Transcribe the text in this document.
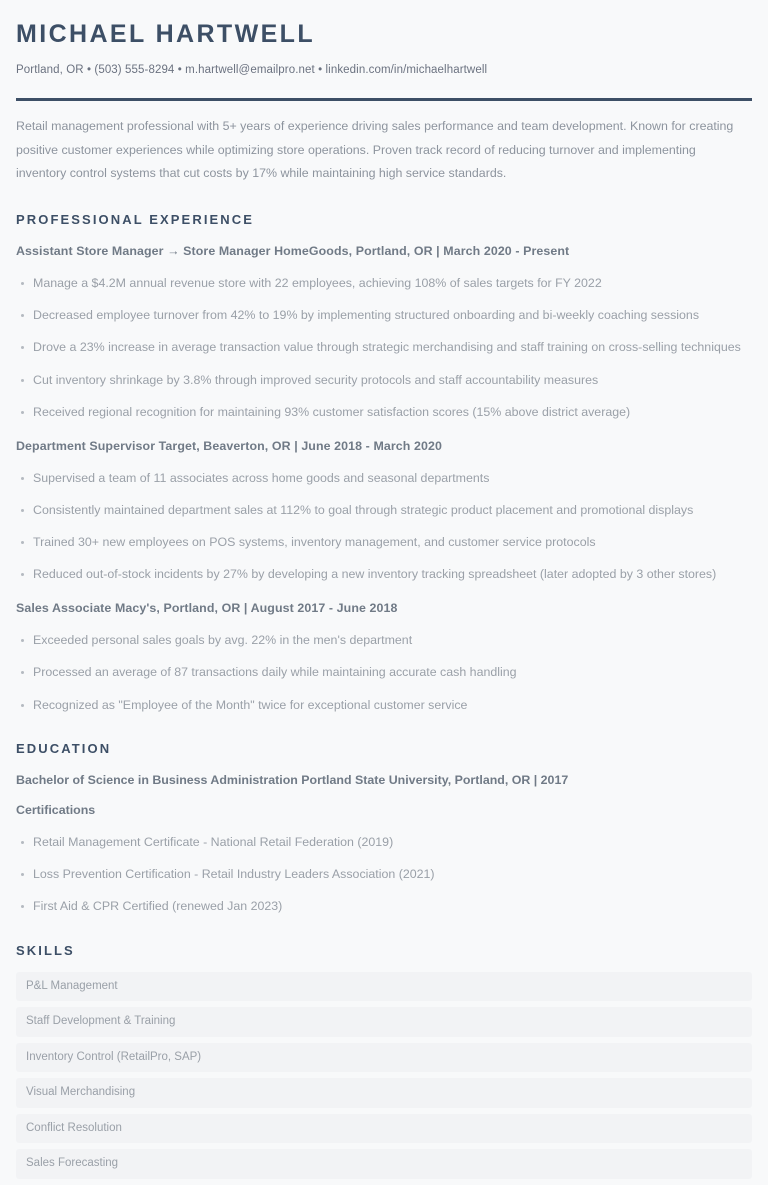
MICHAEL HARTWELL
Portland, OR • (503) 555-8294 • m.hartwell@emailpro.net • linkedin.com/in/michaelhartwell

Retail management professional with 5+ years of experience driving sales performance and team development. Known for creating positive customer experiences while optimizing store operations. Proven track record of reducing turnover and implementing inventory control systems that cut costs by 17% while maintaining high service standards.

PROFESSIONAL EXPERIENCE
Assistant Store Manager → Store Manager HomeGoods, Portland, OR | March 2020 - Present
Manage a $4.2M annual revenue store with 22 employees, achieving 108% of sales targets for FY 2022
Decreased employee turnover from 42% to 19% by implementing structured onboarding and bi-weekly coaching sessions
Drove a 23% increase in average transaction value through strategic merchandising and staff training on cross-selling techniques
Cut inventory shrinkage by 3.8% through improved security protocols and staff accountability measures
Received regional recognition for maintaining 93% customer satisfaction scores (15% above district average)
Department Supervisor Target, Beaverton, OR | June 2018 - March 2020
Supervised a team of 11 associates across home goods and seasonal departments
Consistently maintained department sales at 112% to goal through strategic product placement and promotional displays
Trained 30+ new employees on POS systems, inventory management, and customer service protocols
Reduced out-of-stock incidents by 27% by developing a new inventory tracking spreadsheet (later adopted by 3 other stores)
Sales Associate Macy's, Portland, OR | August 2017 - June 2018
Exceeded personal sales goals by avg. 22% in the men's department
Processed an average of 87 transactions daily while maintaining accurate cash handling
Recognized as "Employee of the Month" twice for exceptional customer service
EDUCATION
Bachelor of Science in Business Administration Portland State University, Portland, OR | 2017
Certifications
Retail Management Certificate - National Retail Federation (2019)
Loss Prevention Certification - Retail Industry Leaders Association (2021)
First Aid & CPR Certified (renewed Jan 2023)
SKILLS
P&L Management
Staff Development & Training
Inventory Control (RetailPro, SAP)
Visual Merchandising
Conflict Resolution
Sales Forecasting
